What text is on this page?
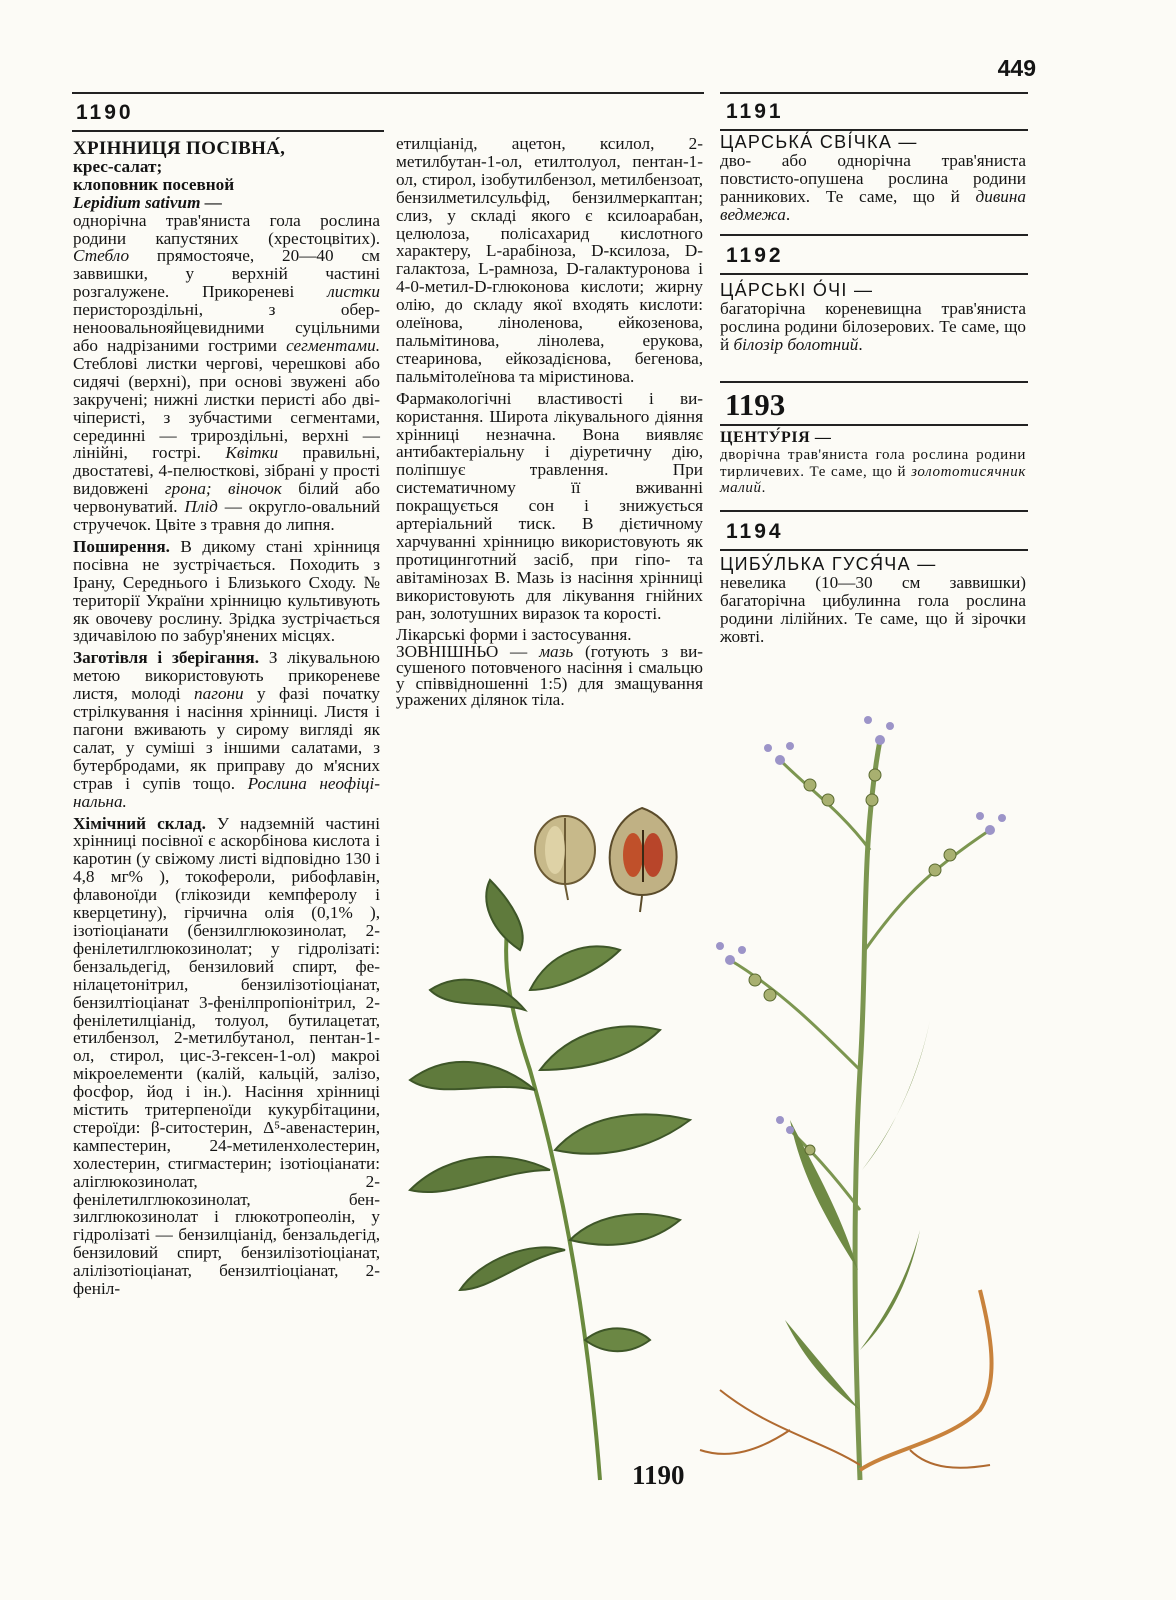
449
1190
ХРІННИЦЯ ПОСІВНА́,
крес-салат;
клоповник посевной
Lepidium sativum —

однорічна трав'яниста гола рослина родини капустяних (хрестоцвітих). Стебло прямостояче, 20—40 см заввишки, у верхній частині розгалужене. Прикореневі листки перистороздільні, з оберненоовальнояйцевидними суцільними або надрізаними гострими сегментами. Стеблові листки чергові, черешкові або сидячі (верхні), при основі звужені або закручені; нижні листки перисті або двічіперисті, з зубчастими сегментами, серединні — трироздільні, верхні — лінійні, гострі. Квітки правильні, двостатеві, 4-пелюсткові, зібрані у прості видовжені грона; віночок білий або червонуватий. Плід — округло-овальний стручечок. Цвіте з травня до липня.

Поширення. В дикому стані хрінниця посівна не зустрічається. Походить з Ірану, Середнього і Близького Сходу. № території України хрінницю культивують як овочеву рослину. Зрідка зустрічається здичавілою по забур'янених місцях.

Заготівля і зберігання. З лікувальною метою використовують прикореневе листя, молоді пагони у фазі початку стрілкування і насіння хрінниці. Листя і пагони вживають у сирому вигляді як салат, у суміші з іншими салатами, з бутербродами, як приправу до м'ясних страв і супів тощо. Рослина неофіцінальна.

Хімічний склад. У надземній частині хрінниці посівної є аскорбінова кислота і каротин (у свіжому листі відповідно 130 і 4,8 мг% ), токофероли, рибофлавін, флавоноїди (глікозиди кемпферолу і кверцетину), гірчична олія (0,1% ), ізотіоціанати (бензилглюкозинолат, 2-фенілетилглюкозинолат; у гідролізаті: бензальдегід, бензиловий спирт, фенілацетонітрил, бензилізотіоціанат, бензилтіоціанат 3-фенілпропіонітрил, 2-фенілетилціанід, толуол, бутилацетат, етилбензол, 2-метилбутанол, пентан-1-ол, стирол, цис-3-гексен-1-ол) макроі мікроелементи (калій, кальцій, залізо, фосфор, йод і ін.). Насіння хрінниці містить тритерпеноїди кукурбітацини, стероїди: β-ситостерин, Δ⁵-авенастерин, кампестерин, 24-метиленхолестерин, холестерин, стигмастерин; ізотіоціанати: аліглюкозинолат, 2-фенілетилглюкозинолат, бензилглюкозинолат і глюкотропеолін, у гідролізаті — бензилціанід, бензальдегід, бензиловий спирт, бензилізотіоціанат, алілізотіоціанат, бензилтіоціанат, 2-феніл-

етилціанід, ацетон, ксилол, 2-метилбутан-1-ол, етилтолуол, пентан-1-ол, стирол, ізобутилбензол, метилбензоат, бензилметилсульфід, бензилмеркаптан; слиз, у складі якого є ксилоарабан, целюлоза, полісахарид кислотного характеру, L-арабіноза, D-ксилоза, D-галактоза, L-рамноза, D-галактуронова і 4-0-метил-D-глюконова кислоти; жирну олію, до складу якої входять кислоти: олеїнова, ліноленова, ейкозенова, пальмітинова, лінолева, ерукова, стеаринова, ейкозадієнова, бегенова, пальмітолеїнова та міристинова.

Фармакологічні властивості і використання. Широта лікувального діяння хрінниці незначна. Вона виявляє антибактеріальну і діуретичну дію, поліпшує травлення. При систематичному її вживанні покращується сон і знижується артеріальний тиск. В дієтичному харчуванні хрінницю використовують як протицинготний засіб, при гіпо- та авітамінозах В. Мазь із насіння хрінниці використовують для лікування гнійних ран, золотушних виразок та корості.

Лікарські форми і застосування.
ЗОВНІШНЬО — мазь (готують з висушеного потовченого насіння і смальцю у співвідношенні 1:5) для змащування уражених ділянок тіла.
1191
ЦАРСЬКА́ СВІ́ЧКА —
дво- або однорічна трав'яниста повстисто-опушена рослина родини ранникових. Те саме, що й дивина ведмежа.
1192
ЦА́РСЬКІ О́ЧІ —
багаторічна кореневищна трав'яниста рослина родини білозерових. Те саме, що й білозір болотний.
1193
ЦЕНТУ́РІЯ —
дворічна трав'яниста гола рослина родини тирличевих. Те саме, що й золототисячник малий.
1194
ЦИБУ́ЛЬКА ГУСЯ́ЧА —
невелика (10—30 см заввишки) багаторічна цибулинна гола рослина родини лілійних. Те саме, що й зірочки жовті.
1190
